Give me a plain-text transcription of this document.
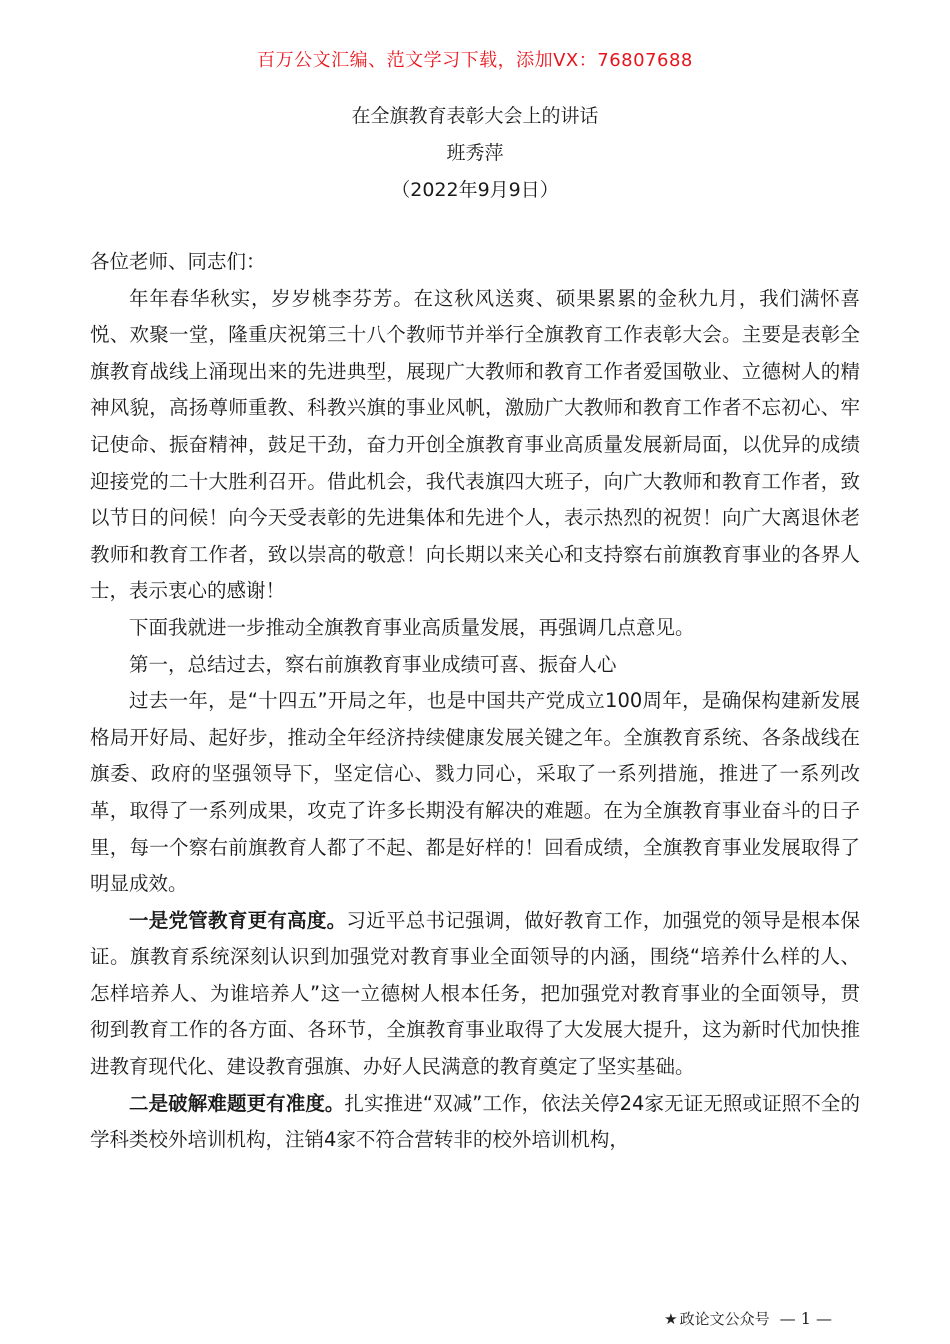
百万公文汇编、范文学习下载，添加VX：76807688
在全旗教育表彰大会上的讲话
班秀萍
（2022年9月9日）

各位老师、同志们：

年年春华秋实，岁岁桃李芬芳。在这秋风送爽、硕果累累的金秋九月，我们满怀喜悦、欢聚一堂，隆重庆祝第三十八个教师节并举行全旗教育工作表彰大会。主要是表彰全旗教育战线上涌现出来的先进典型，展现广大教师和教育工作者爱国敬业、立德树人的精神风貌，高扬尊师重教、科教兴旗的事业风帆，激励广大教师和教育工作者不忘初心、牢记使命、振奋精神，鼓足干劲，奋力开创全旗教育事业高质量发展新局面，以优异的成绩迎接党的二十大胜利召开。借此机会，我代表旗四大班子，向广大教师和教育工作者，致以节日的问候！向今天受表彰的先进集体和先进个人，表示热烈的祝贺！向广大离退休老教师和教育工作者，致以崇高的敬意！向长期以来关心和支持察右前旗教育事业的各界人士，表示衷心的感谢！

下面我就进一步推动全旗教育事业高质量发展，再强调几点意见。

第一，总结过去，察右前旗教育事业成绩可喜、振奋人心

过去一年，是“十四五”开局之年，也是中国共产党成立100周年，是确保构建新发展格局开好局、起好步，推动全年经济持续健康发展关键之年。全旗教育系统、各条战线在旗委、政府的坚强领导下，坚定信心、戮力同心，采取了一系列措施，推进了一系列改革，取得了一系列成果，攻克了许多长期没有解决的难题。在为全旗教育事业奋斗的日子里，每一个察右前旗教育人都了不起、都是好样的！回看成绩，全旗教育事业发展取得了明显成效。

一是党管教育更有高度。习近平总书记强调，做好教育工作，加强党的领导是根本保证。旗教育系统深刻认识到加强党对教育事业全面领导的内涵，围绕“培养什么样的人、怎样培养人、为谁培养人”这一立德树人根本任务，把加强党对教育事业的全面领导，贯彻到教育工作的各方面、各环节，全旗教育事业取得了大发展大提升，这为新时代加快推进教育现代化、建设教育强旗、办好人民满意的教育奠定了坚实基础。

二是破解难题更有准度。扎实推进“双减”工作，依法关停24家无证无照或证照不全的学科类校外培训机构，注销4家不符合营转非的校外培训机构，

★ 政论文公众号 — 1 —
